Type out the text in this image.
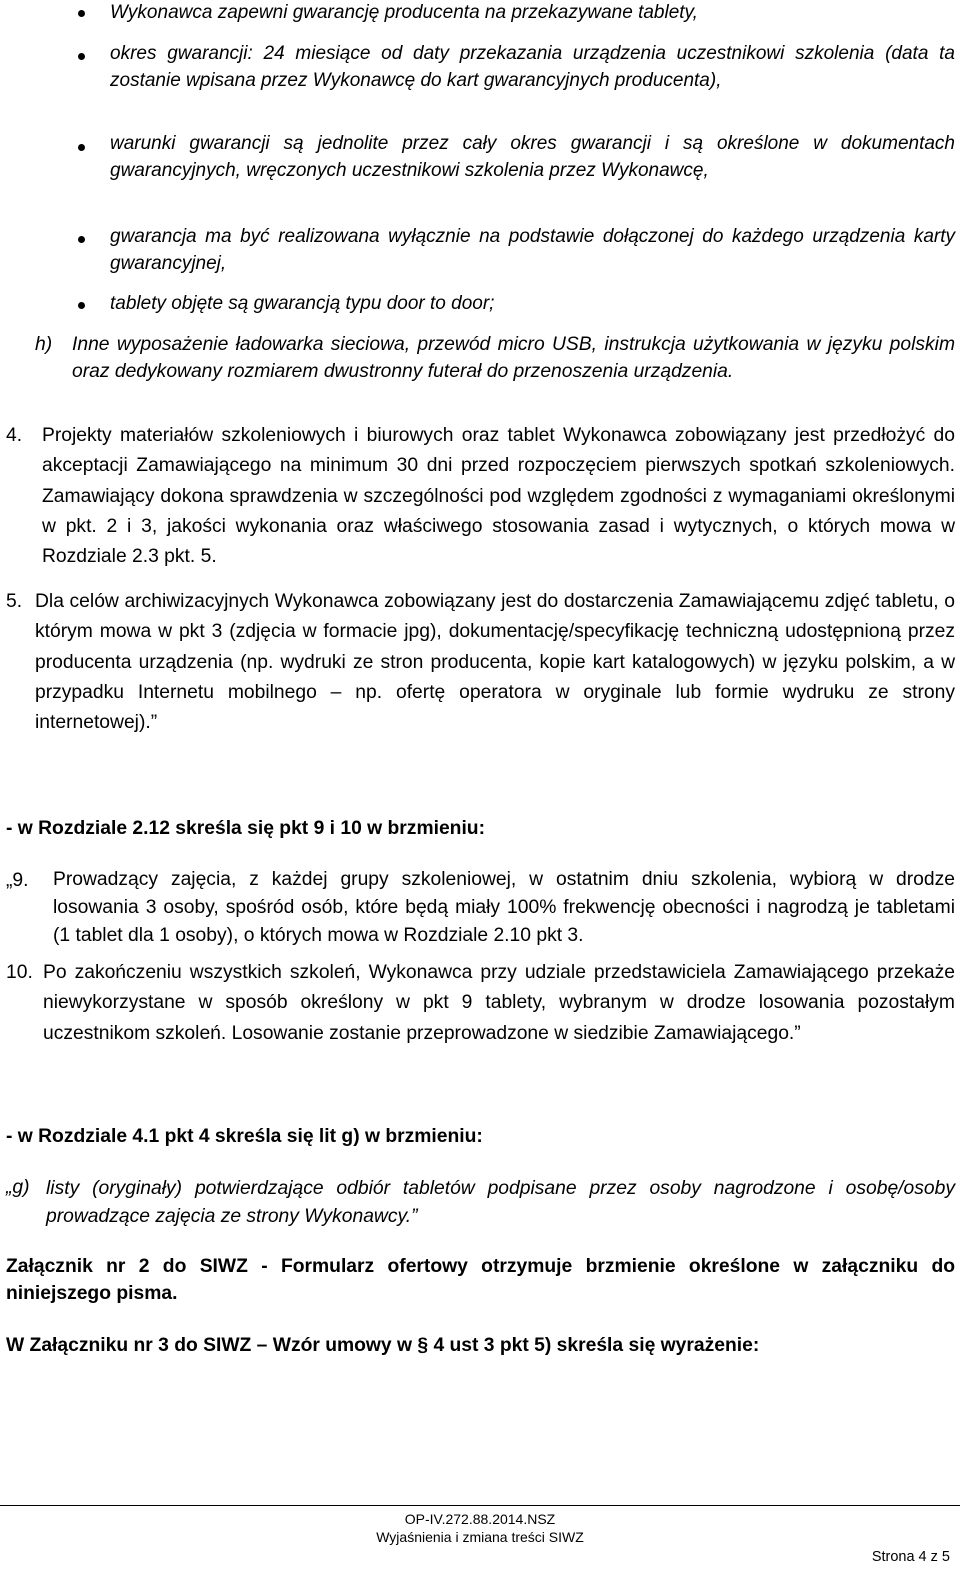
Wykonawca zapewni gwarancję producenta na przekazywane tablety,
okres gwarancji: 24 miesiące od daty przekazania urządzenia uczestnikowi szkolenia (data ta zostanie wpisana przez Wykonawcę do kart gwarancyjnych producenta),
warunki gwarancji są jednolite przez cały okres gwarancji i są określone w dokumentach gwarancyjnych, wręczonych uczestnikowi szkolenia przez Wykonawcę,
gwarancja ma być realizowana wyłącznie na podstawie dołączonej do każdego urządzenia karty gwarancyjnej,
tablety objęte są gwarancją typu door to door;
h) Inne wyposażenie ładowarka sieciowa, przewód micro USB, instrukcja użytkowania w języku polskim oraz dedykowany rozmiarem dwustronny futerał do przenoszenia urządzenia.
4. Projekty materiałów szkoleniowych i biurowych oraz tablet Wykonawca zobowiązany jest przedłożyć do akceptacji Zamawiającego na minimum 30 dni przed rozpoczęciem pierwszych spotkań szkoleniowych. Zamawiający dokona sprawdzenia w szczególności pod względem zgodności z wymaganiami określonymi w pkt. 2 i 3, jakości wykonania oraz właściwego stosowania zasad i wytycznych, o których mowa w Rozdziale 2.3 pkt. 5.
5. Dla celów archiwizacyjnych Wykonawca zobowiązany jest do dostarczenia Zamawiającemu zdjęć tabletu, o którym mowa w pkt 3 (zdjęcia w formacie jpg), dokumentację/specyfikację techniczną udostępnioną przez producenta urządzenia (np. wydruki ze stron producenta, kopie kart katalogowych) w języku polskim, a w przypadku Internetu mobilnego – np. ofertę operatora w oryginale lub formie wydruku ze strony internetowej).”
- w Rozdziale 2.12 skreśla się pkt 9 i 10 w brzmieniu:
„9. Prowadzący zajęcia, z każdej grupy szkoleniowej, w ostatnim dniu szkolenia, wybiorą w drodze losowania 3 osoby, spośród osób, które będą miały 100% frekwencję obecności i nagrodzą je tabletami (1 tablet dla 1 osoby), o których mowa w Rozdziale 2.10 pkt 3.
10. Po zakończeniu wszystkich szkoleń, Wykonawca przy udziale przedstawiciela Zamawiającego przekaże niewykorzystane w sposób określony w pkt 9 tablety, wybranym w drodze losowania pozostałym uczestnikom szkoleń. Losowanie zostanie przeprowadzone w siedzibie Zamawiającego.”
- w Rozdziale 4.1 pkt 4 skreśla się lit g) w brzmieniu:
„g) listy (oryginały) potwierdzające odbiór tabletów podpisane przez osoby nagrodzone i osobę/osoby prowadzące zajęcia ze strony Wykonawcy.”
Załącznik nr 2 do SIWZ - Formularz ofertowy otrzymuje brzmienie określone w załączniku do niniejszego pisma.
W Załączniku nr 3 do SIWZ – Wzór umowy w § 4 ust 3 pkt 5) skreśla się wyrażenie:
OP-IV.272.88.2014.NSZ
Wyjaśnienia i zmiana treści SIWZ
Strona 4 z 5
